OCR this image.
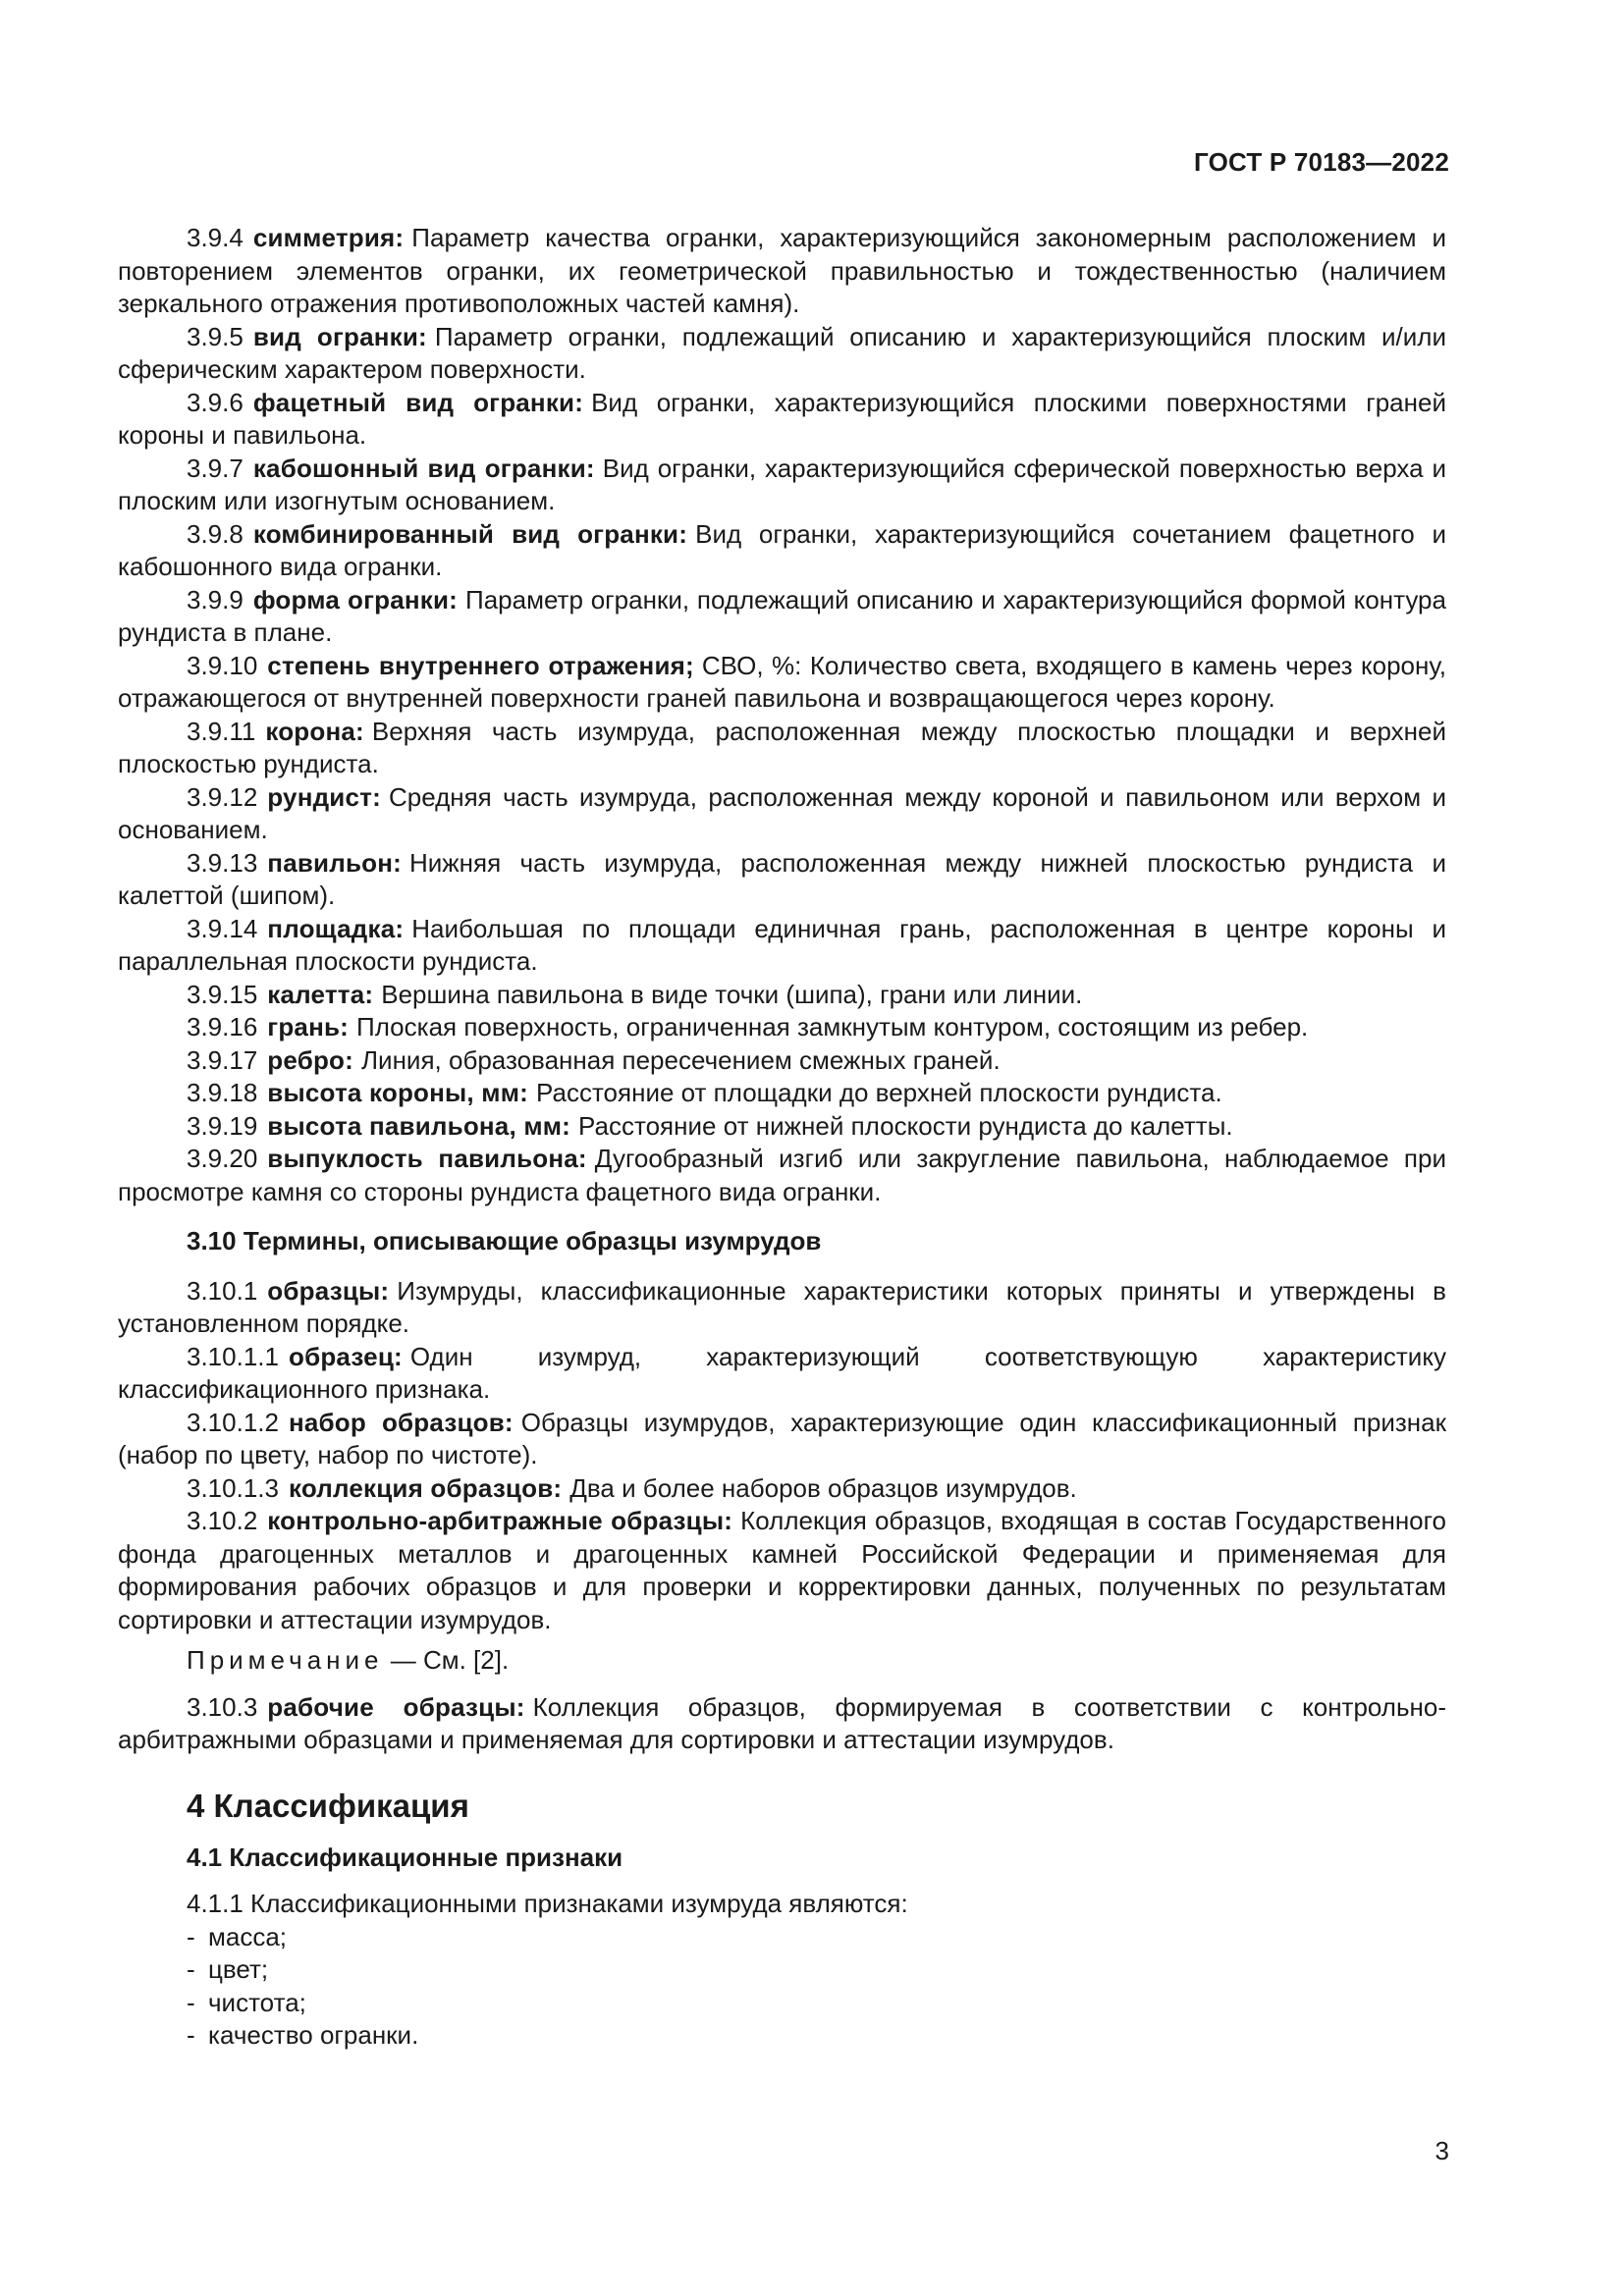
ГОСТ Р 70183—2022

3.9.4 симметрия: Параметр качества огранки, характеризующийся закономерным расположением и повторением элементов огранки, их геометрической правильностью и тождественностью (наличием зеркального отражения противоположных частей камня).

3.9.5 вид огранки: Параметр огранки, подлежащий описанию и характеризующийся плоским и/или сферическим характером поверхности.

3.9.6 фацетный вид огранки: Вид огранки, характеризующийся плоскими поверхностями граней короны и павильона.

3.9.7 кабошонный вид огранки: Вид огранки, характеризующийся сферической поверхностью верха и плоским или изогнутым основанием.

3.9.8 комбинированный вид огранки: Вид огранки, характеризующийся сочетанием фацетного и кабошонного вида огранки.

3.9.9 форма огранки: Параметр огранки, подлежащий описанию и характеризующийся формой контура рундиста в плане.

3.9.10 степень внутреннего отражения; СВО, %: Количество света, входящего в камень через корону, отражающегося от внутренней поверхности граней павильона и возвращающегося через корону.

3.9.11 корона: Верхняя часть изумруда, расположенная между плоскостью площадки и верхней плоскостью рундиста.

3.9.12 рундист: Средняя часть изумруда, расположенная между короной и павильоном или верхом и основанием.

3.9.13 павильон: Нижняя часть изумруда, расположенная между нижней плоскостью рундиста и калеттой (шипом).

3.9.14 площадка: Наибольшая по площади единичная грань, расположенная в центре короны и параллельная плоскости рундиста.

3.9.15 калетта: Вершина павильона в виде точки (шипа), грани или линии.

3.9.16 грань: Плоская поверхность, ограниченная замкнутым контуром, состоящим из ребер.

3.9.17 ребро: Линия, образованная пересечением смежных граней.

3.9.18 высота короны, мм: Расстояние от площадки до верхней плоскости рундиста.

3.9.19 высота павильона, мм: Расстояние от нижней плоскости рундиста до калетты.

3.9.20 выпуклость павильона: Дугообразный изгиб или закругление павильона, наблюдаемое при просмотре камня со стороны рундиста фацетного вида огранки.

3.10 Термины, описывающие образцы изумрудов

3.10.1 образцы: Изумруды, классификационные характеристики которых приняты и утверждены в установленном порядке.

3.10.1.1 образец: Один изумруд, характеризующий соответствующую характеристику классификационного признака.

3.10.1.2 набор образцов: Образцы изумрудов, характеризующие один классификационный признак (набор по цвету, набор по чистоте).

3.10.1.3 коллекция образцов: Два и более наборов образцов изумрудов.

3.10.2 контрольно-арбитражные образцы: Коллекция образцов, входящая в состав Государственного фонда драгоценных металлов и драгоценных камней Российской Федерации и применяемая для формирования рабочих образцов и для проверки и корректировки данных, полученных по результатам сортировки и аттестации изумрудов.

Примечание — См. [2].

3.10.3 рабочие образцы: Коллекция образцов, формируемая в соответствии с контрольно-арбитражными образцами и применяемая для сортировки и аттестации изумрудов.

4 Классификация
4.1 Классификационные признаки
4.1.1 Классификационными признаками изумруда являются:
- масса;
- цвет;
- чистота;
- качество огранки.
3
